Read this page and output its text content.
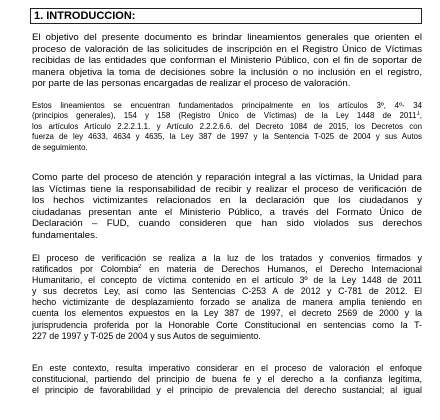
1. INTRODUCCION:
El objetivo del presente documento es brindar lineamientos generales que orienten el
proceso de valoración de las solicitudes de inscripción en el Registro Único de Víctimas
recibidas de las entidades que conforman el Ministerio Público, con el fin de soportar de
manera objetiva la toma de decisiones sobre la inclusión o no inclusión en el registro,
por parte de las personas encargadas de realizar el proceso de valoración.
Estos lineamientos se encuentran fundamentados principalmente en los artículos 3º, 4º- 34
(principios generales), 154 y 158 (Registro Único de Víctimas) de la Ley 1448 de 2011$^1$,
los artículos Artículo 2.2.2.1.1. y Artículo 2.2.2.6.6. del Decreto 1084 de 2015, los Decretos con
fuerza de ley 4633, 4634 y 4635, la Ley 387 de 1997 y la Sentencia T-025 de 2004 y sus Autos
de seguimiento.
Como parte del proceso de atención y reparación integral a las víctimas, la Unidad para
las Víctimas tiene la responsabilidad de recibir y realizar el proceso de verificación de
los hechos victimizantes relacionados en la declaración que los ciudadanos y
ciudadanas presentan ante el Ministerio Público, a través del Formato Único de
Declaración – FUD, cuando consideren que han sido violados sus derechos
fundamentales.
El proceso de verificación se realiza a la luz de los tratados y convenios firmados y
ratificados por Colombia$^2$ en materia de Derechos Humanos, el Derecho Internacional
Humanitario, el concepto de víctima contenido en el artículo 3º de la Ley 1448 de 2011
y sus decretos Ley, así como las Sentencias C-253 A de 2012 y C-781 de 2012. El
hecho victimizante de desplazamiento forzado se analiza de manera amplia teniendo en
cuenta los elementos expuestos en la Ley 387 de 1997, el decreto 2569 de 2000 y la
jurisprudencia proferida por la Honorable Corte Constitucional en sentencias como la T-
227 de 1997 y T-025 de 2004 y sus Autos de seguimiento.
En este contexto, resulta imperativo considerar en el proceso de valoración el enfoque
constitucional, partiendo del principio de buena fe y el derecho a la confianza legítima,
el principio de favorabilidad y el principio de prevalencia del derecho sustancial; al igual
